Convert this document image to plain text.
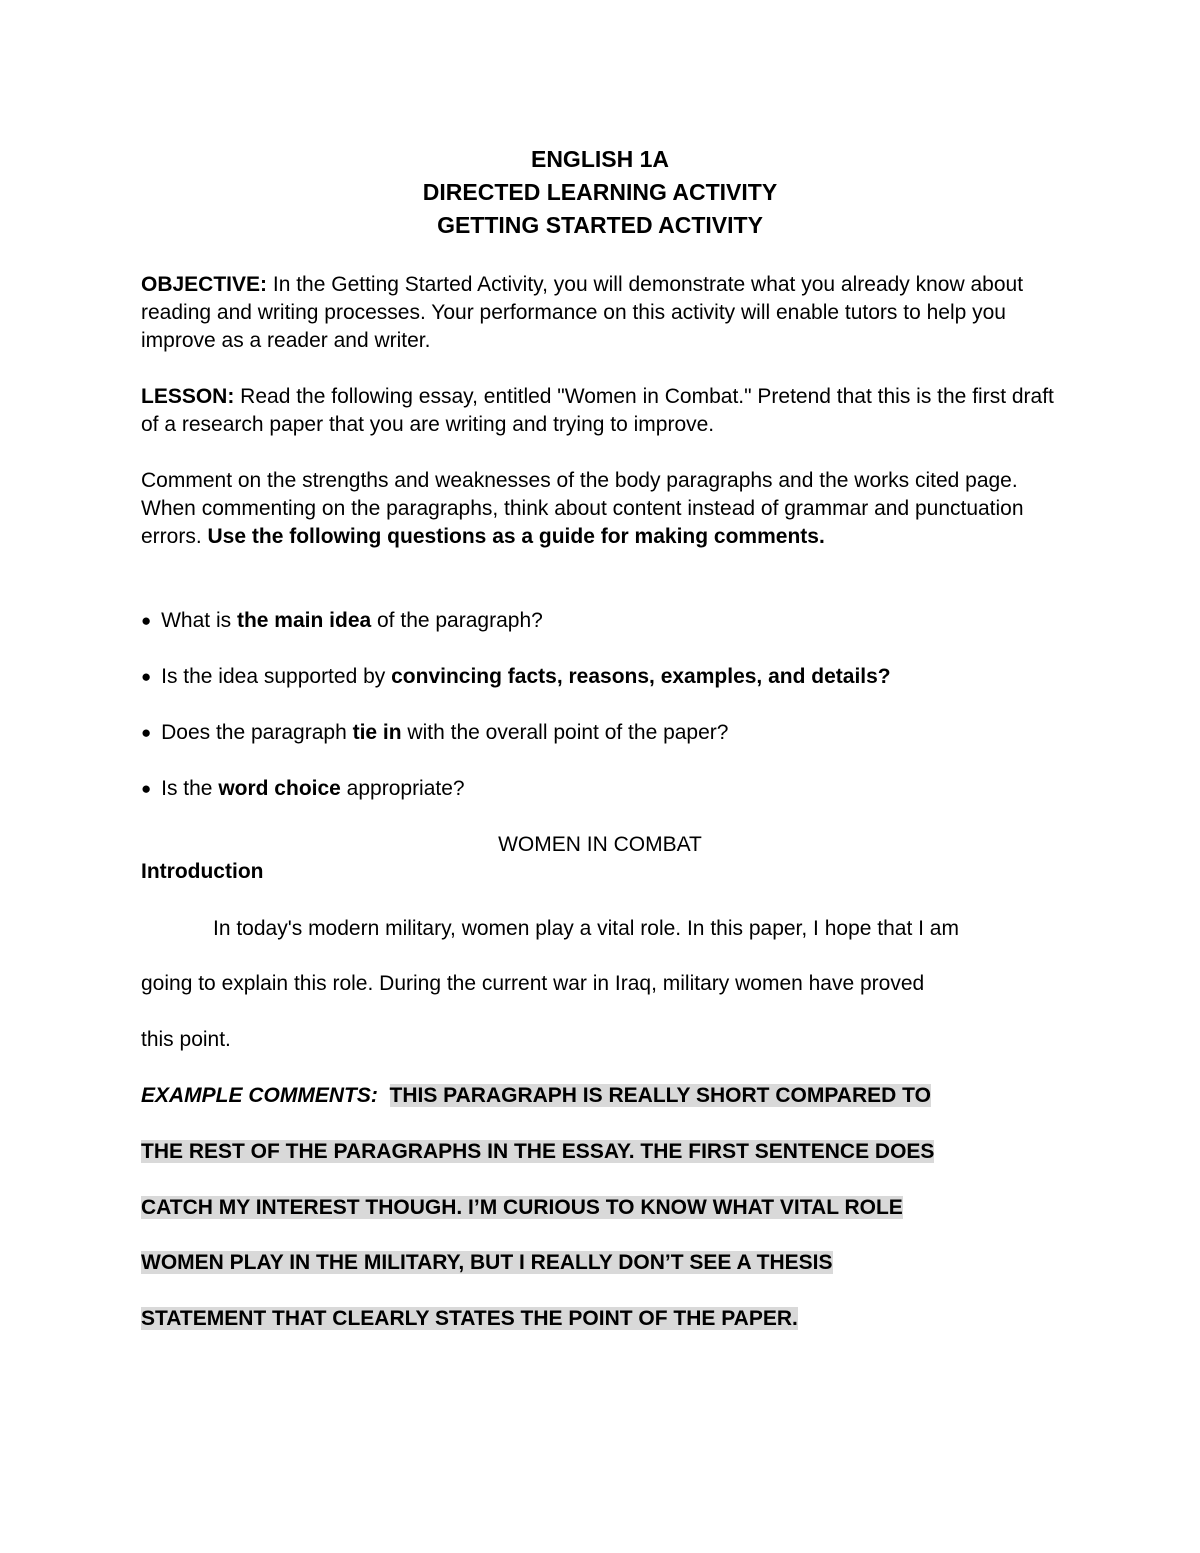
ENGLISH 1A
DIRECTED LEARNING ACTIVITY
GETTING STARTED ACTIVITY
OBJECTIVE: In the Getting Started Activity, you will demonstrate what you already know about reading and writing processes. Your performance on this activity will enable tutors to help you improve as a reader and writer.
LESSON: Read the following essay, entitled "Women in Combat." Pretend that this is the first draft of a research paper that you are writing and trying to improve.
Comment on the strengths and weaknesses of the body paragraphs and the works cited page. When commenting on the paragraphs, think about content instead of grammar and punctuation errors. Use the following questions as a guide for making comments.
● What is the main idea of the paragraph?
● Is the idea supported by convincing facts, reasons, examples, and details?
● Does the paragraph tie in with the overall point of the paper?
● Is the word choice appropriate?
WOMEN IN COMBAT
Introduction
In today's modern military, women play a vital role. In this paper, I hope that I am
going to explain this role. During the current war in Iraq, military women have proved
this point.
EXAMPLE COMMENTS: THIS PARAGRAPH IS REALLY SHORT COMPARED TO
THE REST OF THE PARAGRAPHS IN THE ESSAY. THE FIRST SENTENCE DOES
CATCH MY INTEREST THOUGH. I’M CURIOUS TO KNOW WHAT VITAL ROLE
WOMEN PLAY IN THE MILITARY, BUT I REALLY DON’T SEE A THESIS
STATEMENT THAT CLEARLY STATES THE POINT OF THE PAPER.
